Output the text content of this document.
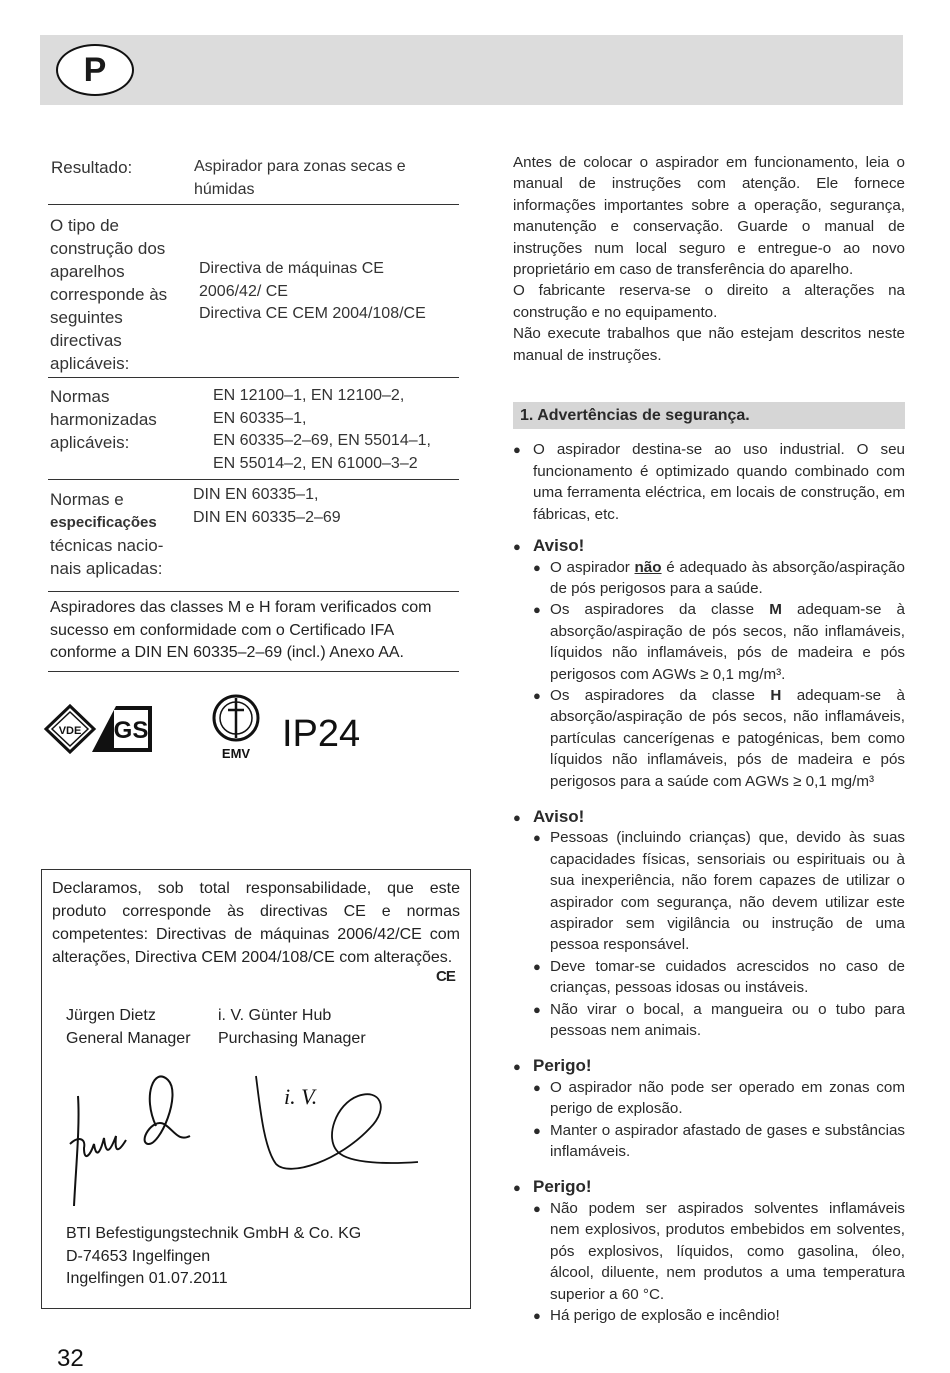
P
Resultado:	Aspirador para zonas secas e húmidas
O tipo de construção dos aparelhos corresponde às seguintes directivas aplicáveis:
Directiva de máquinas CE 2006/42/ CE
Directiva CE CEM 2004/108/CE
Normas harmonizadas aplicáveis:
EN 12100–1, EN 12100–2,
EN 60335–1,
EN 60335–2–69, EN 55014–1,
EN 55014–2, EN 61000–3–2
Normas e
especificações
técnicas nacio-
nais aplicadas:
DIN EN 60335–1,
DIN EN 60335–2–69
Aspiradores das classes M e H foram verificados com sucesso em conformidade com o Certificado IFA conforme a DIN EN 60335–2–69 (incl.) Anexo AA.
VDE GS
EMV IP24
Declaramos, sob total responsabilidade, que este produto corresponde às directivas CE e normas competentes: Directivas de máquinas 2006/42/CE com alterações, Directiva CEM 2004/108/CE com alterações.
CE
Jürgen Dietz
General Manager
i. V. Günter Hub
Purchasing Manager
i. V.
BTI Befestigungstechnik GmbH & Co. KG
D-74653 Ingelfingen
Ingelfingen 01.07.2011
32

Antes de colocar o aspirador em funcionamento, leia o manual de instruções com atenção. Ele fornece informações importantes sobre a operação, segurança, manutenção e conservação. Guarde o manual de instruções num local seguro e entregue-o ao novo proprietário em caso de transferência do aparelho.

O fabricante reserva-se o direito a alterações na construção e no equipamento.

Não execute trabalhos que não estejam descritos neste manual de instruções.

1. Advertências de segurança.
● O aspirador destina-se ao uso industrial. O seu funcionamento é optimizado quando combinado com uma ferramenta eléctrica, em locais de construção, em fábricas, etc.
● Aviso!
● O aspirador não é adequado às absorção/aspiração de pós perigosos para a saúde.
● Os aspiradores da classe M adequam-se à absorção/aspiração de pós secos, não inflamáveis, líquidos não inflamáveis, pós de madeira e pós perigosos com AGWs ≥ 0,1 mg/m³.
● Os aspiradores da classe H adequam-se à absorção/aspiração de pós secos, não inflamáveis, partículas cancerígenas e patogénicas, bem como líquidos não inflamáveis, pós de madeira e pós perigosos para a saúde com AGWs ≥ 0,1 mg/m³
● Aviso!
● Pessoas (incluindo crianças) que, devido às suas capacidades físicas, sensoriais ou espirituais ou à sua inexperiência, não forem capazes de utilizar o aspirador com segurança, não devem utilizar este aspirador sem vigilância ou instrução de uma pessoa responsável.
● Deve tomar-se cuidados acrescidos no caso de crianças, pessoas idosas ou instáveis.
● Não virar o bocal, a mangueira ou o tubo para pessoas nem animais.
● Perigo!
● O aspirador não pode ser operado em zonas com perigo de explosão.
● Manter o aspirador afastado de gases e substâncias inflamáveis.
● Perigo!
● Não podem ser aspirados solventes inflamáveis nem explosivos, produtos embebidos em solventes, pós explosivos, líquidos, como gasolina, óleo, álcool, diluente, nem produtos a uma temperatura superior a 60 °C.
● Há perigo de explosão e incêndio!
